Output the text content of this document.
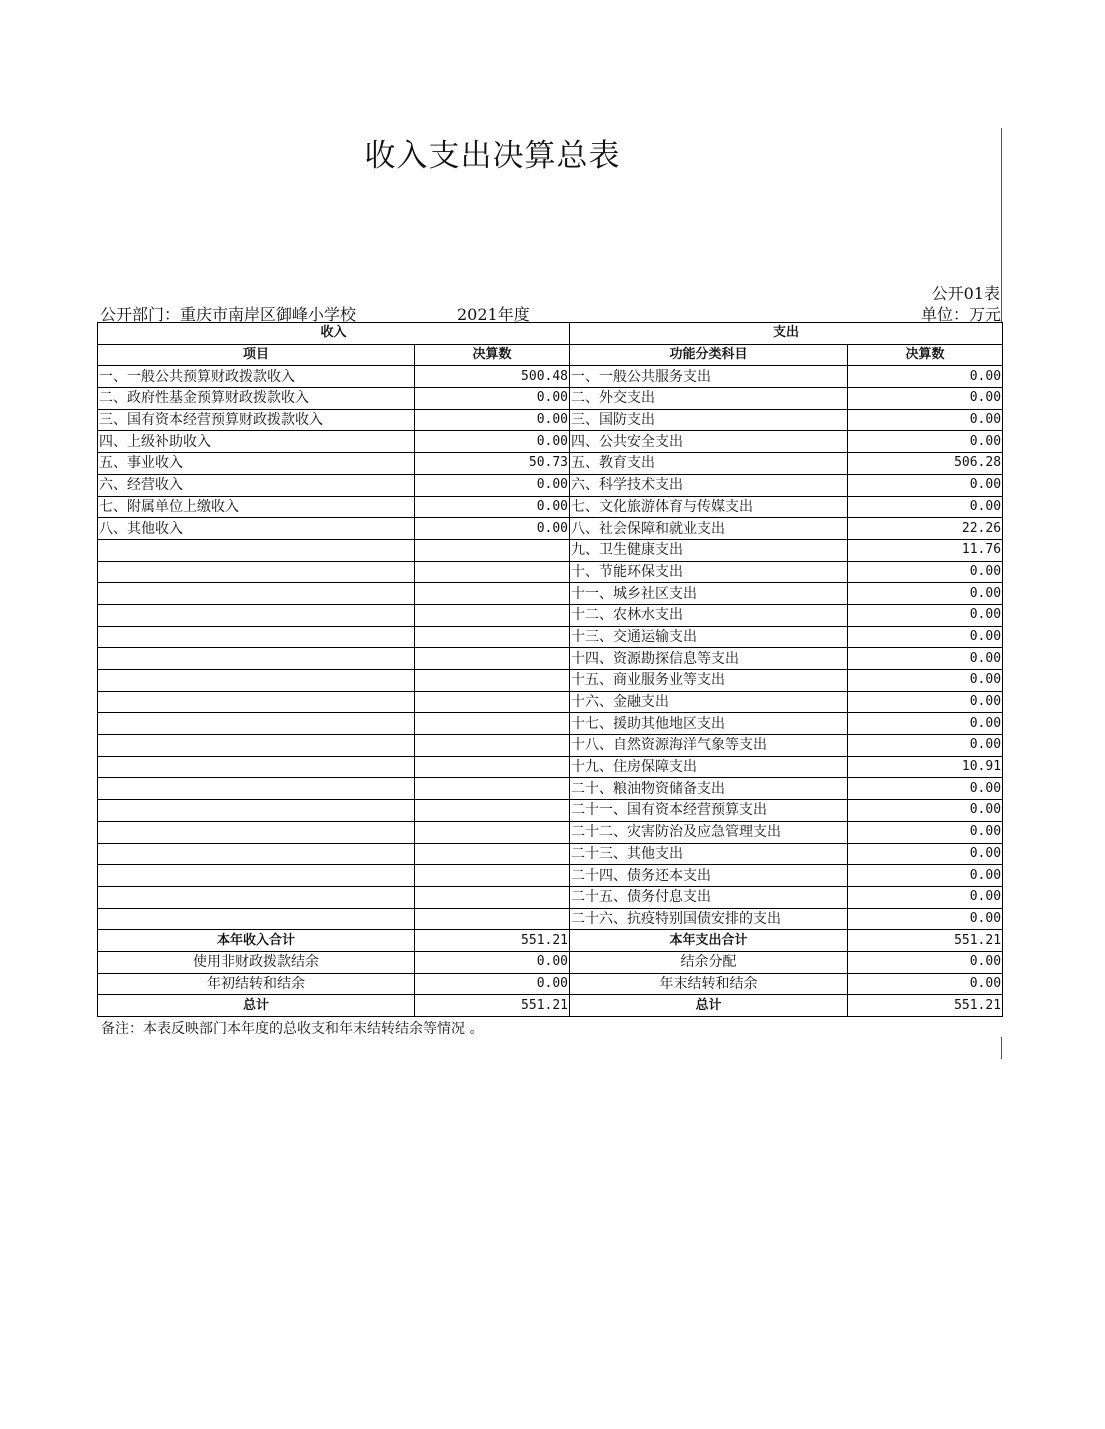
收入支出决算总表
公开01表
公开部门：重庆市南岸区御峰小学校	2021年度	单位：万元
收入		支出	
项目	决算数	功能分类科目	决算数
一、一般公共预算财政拨款收入	500.48	一、一般公共服务支出	0.00
二、政府性基金预算财政拨款收入	0.00	二、外交支出	0.00
三、国有资本经营预算财政拨款收入	0.00	三、国防支出	0.00
四、上级补助收入	0.00	四、公共安全支出	0.00
五、事业收入	50.73	五、教育支出	506.28
六、经营收入	0.00	六、科学技术支出	0.00
七、附属单位上缴收入	0.00	七、文化旅游体育与传媒支出	0.00
八、其他收入	0.00	八、社会保障和就业支出	22.26
		九、卫生健康支出	11.76
		十、节能环保支出	0.00
		十一、城乡社区支出	0.00
		十二、农林水支出	0.00
		十三、交通运输支出	0.00
		十四、资源勘探信息等支出	0.00
		十五、商业服务业等支出	0.00
		十六、金融支出	0.00
		十七、援助其他地区支出	0.00
		十八、自然资源海洋气象等支出	0.00
		十九、住房保障支出	10.91
		二十、粮油物资储备支出	0.00
		二十一、国有资本经营预算支出	0.00
		二十二、灾害防治及应急管理支出	0.00
		二十三、其他支出	0.00
		二十四、债务还本支出	0.00
		二十五、债务付息支出	0.00
		二十六、抗疫特别国债安排的支出	0.00
本年收入合计	551.21	本年支出合计	551.21
使用非财政拨款结余	0.00	结余分配	0.00
年初结转和结余	0.00	年末结转和结余	0.00
总计	551.21	总计	551.21
备注：本表反映部门本年度的总收支和年末结转结余等情况 。
